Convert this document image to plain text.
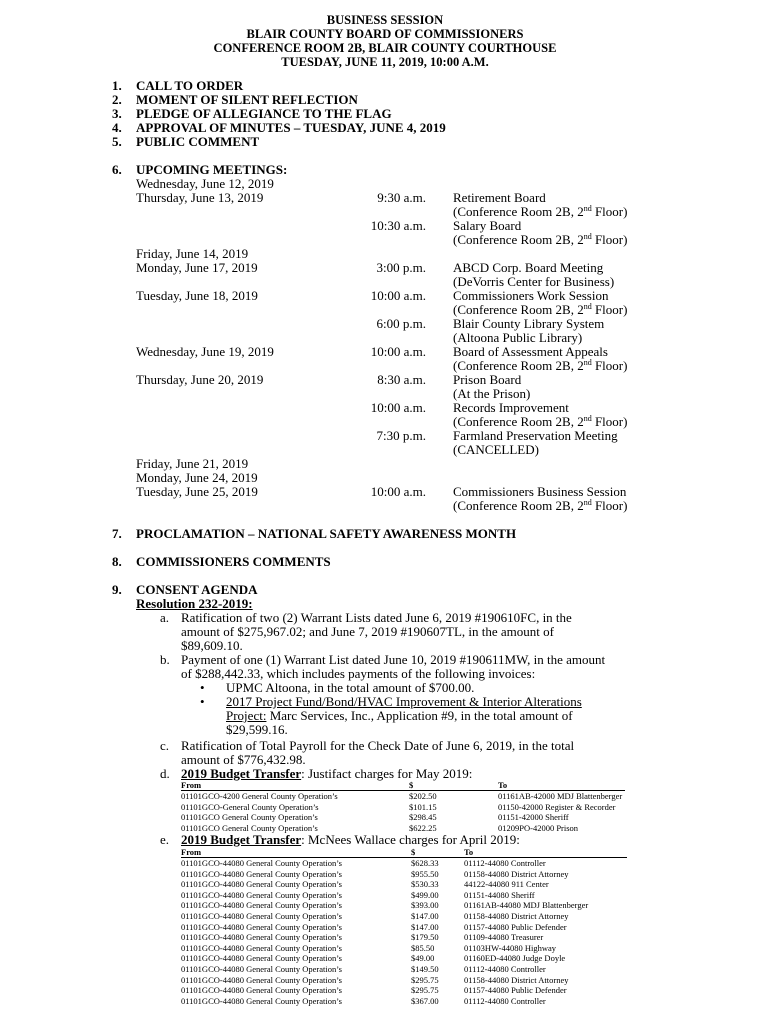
BUSINESS SESSION
BLAIR COUNTY BOARD OF COMMISSIONERS
CONFERENCE ROOM 2B, BLAIR COUNTY COURTHOUSE
TUESDAY, JUNE 11, 2019, 10:00 A.M.
1. CALL TO ORDER
2. MOMENT OF SILENT REFLECTION
3. PLEDGE OF ALLEGIANCE TO THE FLAG
4. APPROVAL OF MINUTES – TUESDAY, JUNE 4, 2019
5. PUBLIC COMMENT
6. UPCOMING MEETINGS:
Wednesday, June 12, 2019
Thursday, June 13, 2019	9:30 a.m. Retirement Board
(Conference Room 2B, 2nd Floor)
10:30 a.m. Salary Board
(Conference Room 2B, 2nd Floor)
Friday, June 14, 2019
Monday, June 17, 2019	3:00 p.m. ABCD Corp. Board Meeting
(DeVorris Center for Business)
Tuesday, June 18, 2019	10:00 a.m. Commissioners Work Session
(Conference Room 2B, 2nd Floor)
6:00 p.m. Blair County Library System
(Altoona Public Library)
Wednesday, June 19, 2019	10:00 a.m. Board of Assessment Appeals
(Conference Room 2B, 2nd Floor)
Thursday, June 20, 2019	8:30 a.m. Prison Board
(At the Prison)
10:00 a.m. Records Improvement
(Conference Room 2B, 2nd Floor)
7:30 p.m. Farmland Preservation Meeting
(CANCELLED)
Friday, June 21, 2019
Monday, June 24, 2019
Tuesday, June 25, 2019	10:00 a.m. Commissioners Business Session
(Conference Room 2B, 2nd Floor)
7. PROCLAMATION – NATIONAL SAFETY AWARENESS MONTH
8. COMMISSIONERS COMMENTS
9. CONSENT AGENDA
Resolution 232-2019:
a. Ratification of two (2) Warrant Lists dated June 6, 2019 #190610FC, in the
amount of $275,967.02; and June 7, 2019 #190607TL, in the amount of
$89,609.10.
b. Payment of one (1) Warrant List dated June 10, 2019 #190611MW, in the amount
of $288,442.33, which includes payments of the following invoices:
• UPMC Altoona, in the total amount of $700.00.
• 2017 Project Fund/Bond/HVAC Improvement & Interior Alterations
Project: Marc Services, Inc., Application #9, in the total amount of
$29,599.16.
c. Ratification of Total Payroll for the Check Date of June 6, 2019, in the total
amount of $776,432.98.
d. 2019 Budget Transfer: Justifact charges for May 2019:
From	$	To
01101GCO-4200 General County Operation’s	$202.50	01161AB-42000 MDJ Blattenberger
01101GCO-General County Operation’s	$101.15	01150-42000 Register & Recorder
01101GCO General County Operation’s	$298.45	01151-42000 Sheriff
01101GCO General County Operation’s	$622.25	01209PO-42000 Prison
e. 2019 Budget Transfer: McNees Wallace charges for April 2019:
From	$	To
01101GCO-44080 General County Operation’s	$628.33	01112-44080 Controller
01101GCO-44080 General County Operation’s	$955.50	01158-44080 District Attorney
01101GCO-44080 General County Operation’s	$530.33	44122-44080 911 Center
01101GCO-44080 General County Operation’s	$499.00	01151-44080 Sheriff
01101GCO-44080 General County Operation’s	$393.00	01161AB-44080 MDJ Blattenberger
01101GCO-44080 General County Operation’s	$147.00	01158-44080 District Attorney
01101GCO-44080 General County Operation’s	$147.00	01157-44080 Public Defender
01101GCO-44080 General County Operation’s	$179.50	01109-44080 Treasurer
01101GCO-44080 General County Operation’s	$85.50	01103HW-44080 Highway
01101GCO-44080 General County Operation’s	$49.00	01160ED-44080 Judge Doyle
01101GCO-44080 General County Operation’s	$149.50	01112-44080 Controller
01101GCO-44080 General County Operation’s	$295.75	01158-44080 District Attorney
01101GCO-44080 General County Operation’s	$295.75	01157-44080 Public Defender
01101GCO-44080 General County Operation’s	$367.00	01112-44080 Controller
